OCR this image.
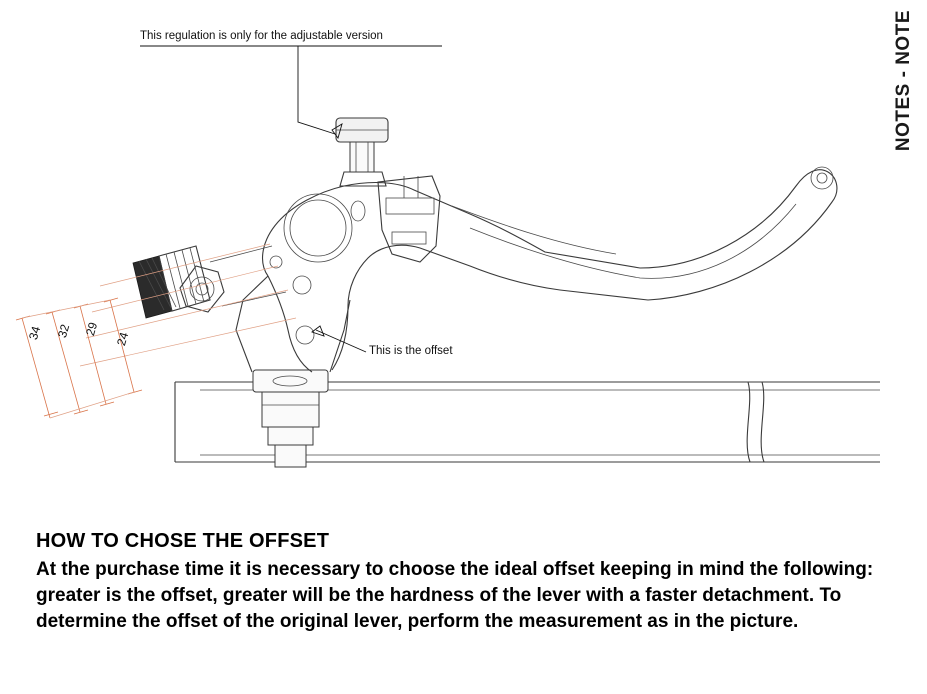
NOTES - NOTE
This regulation is only for the adjustable version
This is the offset
34 32 29
24

HOW TO CHOSE THE OFFSET

At the purchase time it is necessary to choose the ideal offset keeping in mind the following: greater is the offset, greater will be the hardness of the lever with a faster detachment. To determine the offset of the original lever, perform the measurement as in the picture.
